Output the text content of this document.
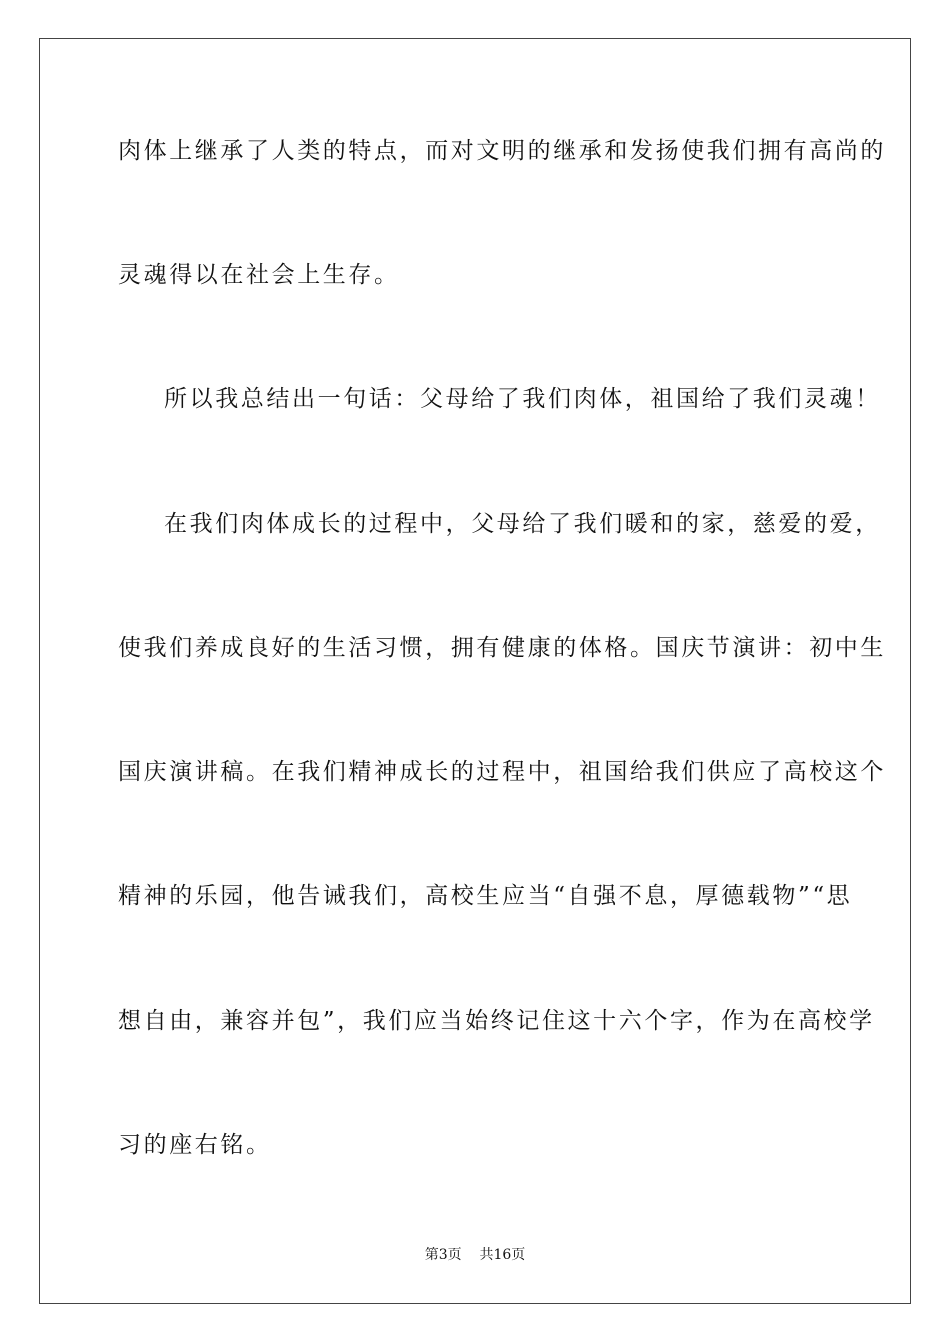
肉体上继承了人类的特点，而对文明的继承和发扬使我们拥有高尚的
灵魂得以在社会上生存。
所以我总结出一句话：父母给了我们肉体，祖国给了我们灵魂！
在我们肉体成长的过程中，父母给了我们暖和的家，慈爱的爱，
使我们养成良好的生活习惯，拥有健康的体格。国庆节演讲：初中生
国庆演讲稿。在我们精神成长的过程中，祖国给我们供应了高校这个
精神的乐园，他告诫我们，高校生应当“自强不息，厚德载物”“思
想自由，兼容并包”，我们应当始终记住这十六个字，作为在高校学
习的座右铭。
第3页 共16页
